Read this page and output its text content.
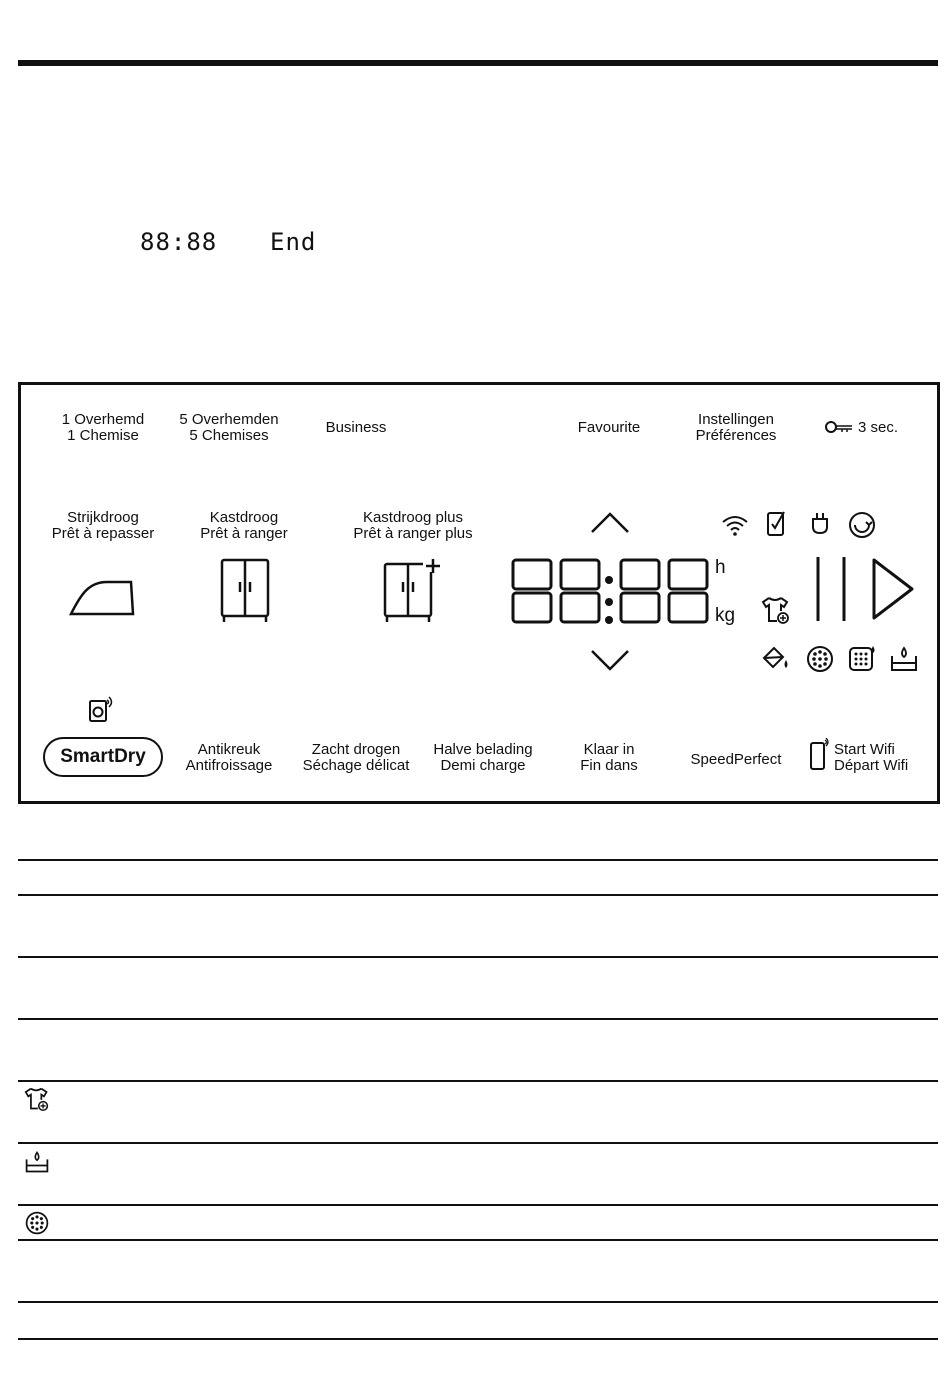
88:88 End
1 Overhemd
1 Chemise
5 Overhemden
5 Chemises	Business	Favourite	Instellingen
Préférences	3 sec.
Strijkdroog
Prêt à repasser
Kastdroog
Prêt à ranger
Kastdroog plus
Prêt à ranger plus
h
kg
SmartDry	Antikreuk
Antifroissage
Zacht drogen
Séchage délicat
Halve belading
Demi charge
Klaar in
Fin dans	SpeedPerfect
Start Wifi
Départ Wifi
